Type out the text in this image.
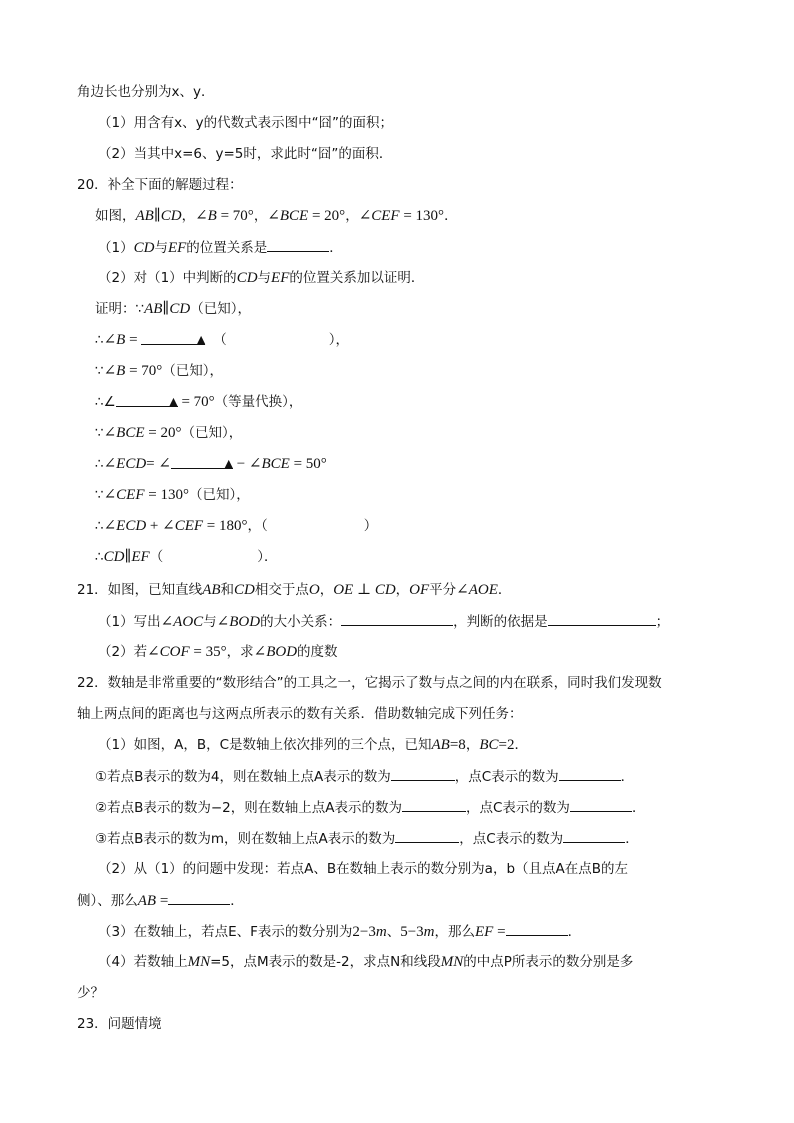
角边长也分别为x、y．
（1）用含有x、y的代数式表示图中“囧”的面积；
（2）当其中x=6、y=5时，求此时“囧”的面积．
20．补全下面的解题过程：
如图，AB∥CD，∠B = 70°，∠BCE = 20°，∠CEF = 130°．
（1）CD与EF的位置关系是	．
（2）对（1）中判断的CD与EF的位置关系加以证明．
证明：∵AB∥CD（已知），
∴∠B =	▲ （	），
∵∠B = 70°（已知），
∴∠	▲ = 70°（等量代换），
∵∠BCE = 20°（已知），
∴∠ECD= ∠	▲ − ∠BCE = 50°
∵∠CEF = 130°（已知），
∴∠ECD + ∠CEF = 180°，（	）
∴CD∥EF（	）．
21．如图，已知直线AB和CD相交于点O，OE ⊥ CD，OF平分∠AOE．
（1）写出∠AOC与∠BOD的大小关系：	，判断的依据是	；
（2）若∠COF = 35°，求∠BOD的度数
22．数轴是非常重要的“数形结合”的工具之一，它揭示了数与点之间的内在联系，同时我们发现数
轴上两点间的距离也与这两点所表示的数有关系．借助数轴完成下列任务：
（1）如图，A，B，C是数轴上依次排列的三个点，已知AB=8，BC=2．
①若点B表示的数为4，则在数轴上点A表示的数为	，点C表示的数为	．
②若点B表示的数为−2，则在数轴上点A表示的数为	，点C表示的数为	．
③若点B表示的数为m，则在数轴上点A表示的数为	，点C表示的数为	．
（2）从（1）的问题中发现：若点A、B在数轴上表示的数分别为a，b（且点A在点B的左
侧）、那么AB =	．
（3）在数轴上，若点E、F表示的数分别为2−3m、5−3m，那么EF =	．
（4）若数轴上MN=5，点M表示的数是-2，求点N和线段MN的中点P所表示的数分别是多
少？
23．问题情境
